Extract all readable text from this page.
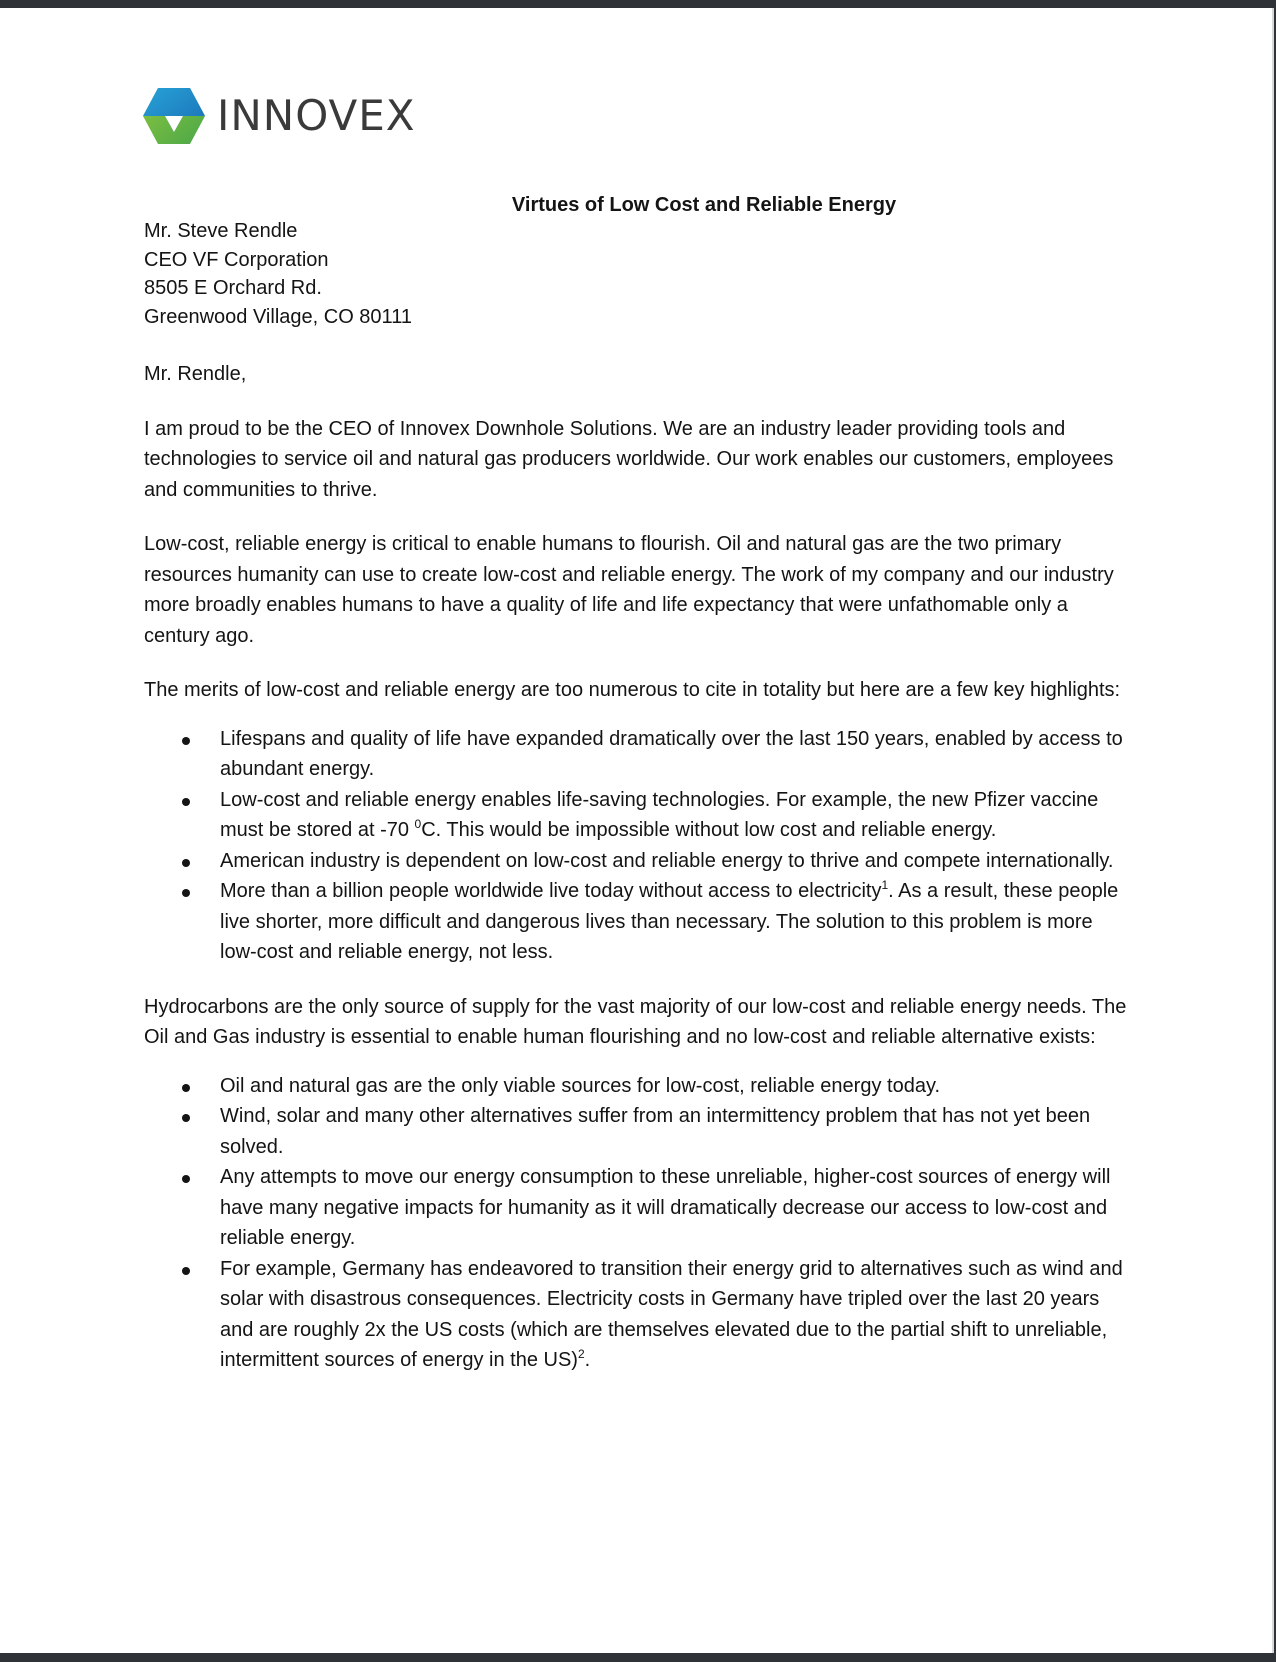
INNOVEX
Virtues of Low Cost and Reliable Energy

Mr. Steve Rendle

CEO VF Corporation

8505 E Orchard Rd.

Greenwood Village, CO 80111

Mr. Rendle,

I am proud to be the CEO of Innovex Downhole Solutions. We are an industry leader providing tools and technologies to service oil and natural gas producers worldwide. Our work enables our customers, employees and communities to thrive.

Low-cost, reliable energy is critical to enable humans to flourish. Oil and natural gas are the two primary resources humanity can use to create low-cost and reliable energy. The work of my company and our industry more broadly enables humans to have a quality of life and life expectancy that were unfathomable only a century ago.

The merits of low-cost and reliable energy are too numerous to cite in totality but here are a few key highlights:

Lifespans and quality of life have expanded dramatically over the last 150 years, enabled by access to abundant energy.
Low-cost and reliable energy enables life-saving technologies. For example, the new Pfizer vaccine must be stored at -70 $^0$C. This would be impossible without low cost and reliable energy.
American industry is dependent on low-cost and reliable energy to thrive and compete internationally.
More than a billion people worldwide live today without access to electricity$^1$. As a result, these people live shorter, more difficult and dangerous lives than necessary. The solution to this problem is more low-cost and reliable energy, not less.

Hydrocarbons are the only source of supply for the vast majority of our low-cost and reliable energy needs. The Oil and Gas industry is essential to enable human flourishing and no low-cost and reliable alternative exists:

Oil and natural gas are the only viable sources for low-cost, reliable energy today.
Wind, solar and many other alternatives suffer from an intermittency problem that has not yet been solved.
Any attempts to move our energy consumption to these unreliable, higher-cost sources of energy will have many negative impacts for humanity as it will dramatically decrease our access to low-cost and reliable energy.
For example, Germany has endeavored to transition their energy grid to alternatives such as wind and solar with disastrous consequences. Electricity costs in Germany have tripled over the last 20 years and are roughly 2x the US costs (which are themselves elevated due to the partial shift to unreliable, intermittent sources of energy in the US)$^2$.
